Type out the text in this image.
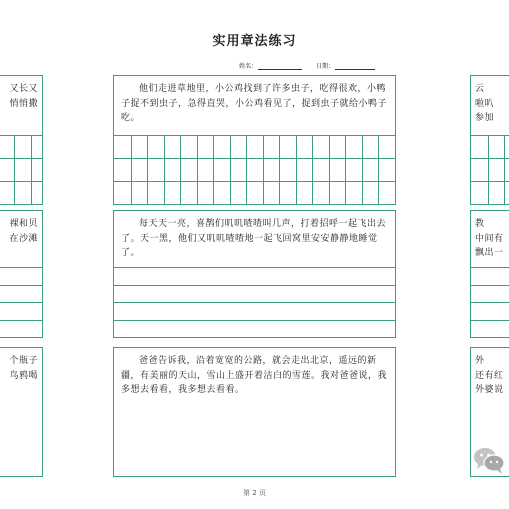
实用章法练习
姓名：	日期：
他们走进草地里，小公鸡找到了许多虫子，吃得很欢，小鸭子捉不到虫子，急得直哭，小公鸡看见了，捉到虫子就给小鸭子吃。
每天天一亮，喜鹊们叽叽喳喳叫几声，打着招呼一起飞出去了。天一黑，他们又叽叽喳喳地一起飞回窝里安安静静地睡觉了。
爸爸告诉我，沿着宽宽的公路，就会走出北京，遥远的新疆，有美丽的天山，雪山上盛开着洁白的雪莲。我对爸爸说，我多想去看看，我多想去看看。
又长又
悄悄撒
裸和贝
在沙滩
个瓶子
鸟鸦喝
云
啦叭
参加
教
中间有
飘出一
外
还有红
外婆说
第 2 页
